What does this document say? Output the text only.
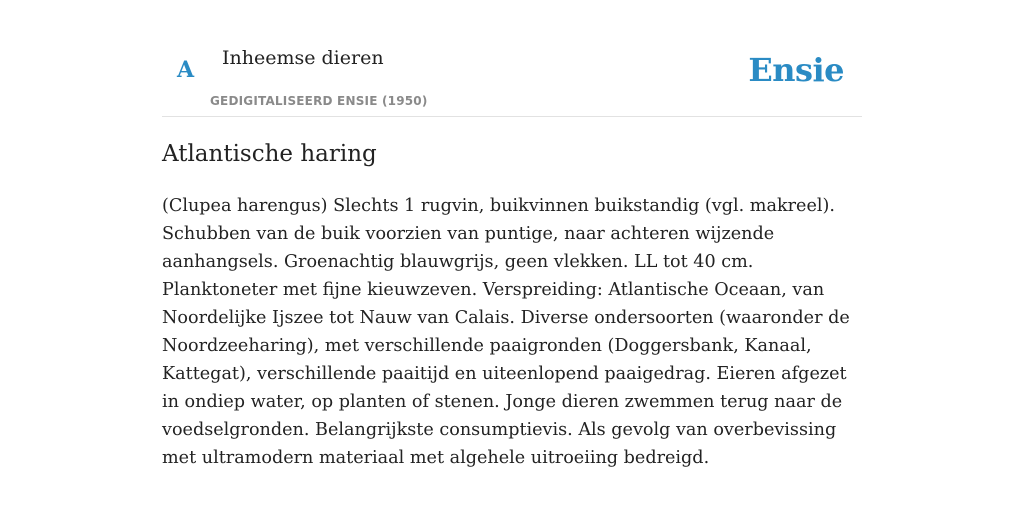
A Inheemse dieren
GEDIGITALISEERD ENSIE (1950)
Ensie
Atlantische haring

(Clupea harengus) Slechts 1 rugvin, buikvinnen buikstandig (vgl. makreel). Schubben van de buik voorzien van puntige, naar achteren wijzende aanhangsels. Groenachtig blauwgrijs, geen vlekken. LL tot 40 cm. Planktoneter met fijne kieuwzeven. Verspreiding: Atlantische Oceaan, van Noordelijke Ijszee tot Nauw van Calais. Diverse ondersoorten (waaronder de Noordzeeharing), met verschillende paaigronden (Doggersbank, Kanaal, Kattegat), verschillende paaitijd en uiteenlopend paaigedrag. Eieren afgezet in ondiep water, op planten of stenen. Jonge dieren zwemmen terug naar de voedselgronden. Belangrijkste consumptievis. Als gevolg van overbevissing met ultramodern materiaal met algehele uitroeiing bedreigd.
